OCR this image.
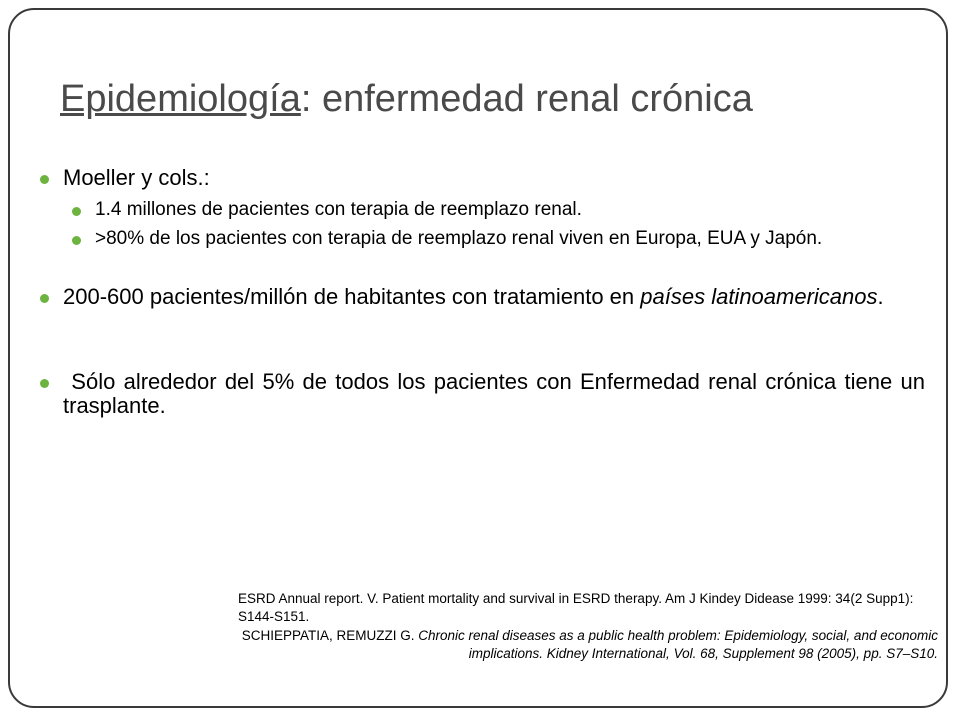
Epidemiología: enfermedad renal crónica
Moeller y cols.:
1.4 millones de pacientes con terapia de reemplazo renal.
>80% de los pacientes con terapia de reemplazo renal viven en Europa, EUA y Japón.
200-600 pacientes/millón de habitantes con tratamiento en países latinoamericanos.
Sólo alrededor del 5% de todos los pacientes con Enfermedad renal crónica tiene un trasplante.
ESRD Annual report. V. Patient mortality and survival in ESRD therapy. Am J Kindey Didease 1999: 34(2 Supp1):
S144-S151.
SCHIEPPATIA, REMUZZI G. Chronic renal diseases as a public health problem: Epidemiology, social, and economic implications. Kidney International, Vol. 68, Supplement 98 (2005), pp. S7–S10.
